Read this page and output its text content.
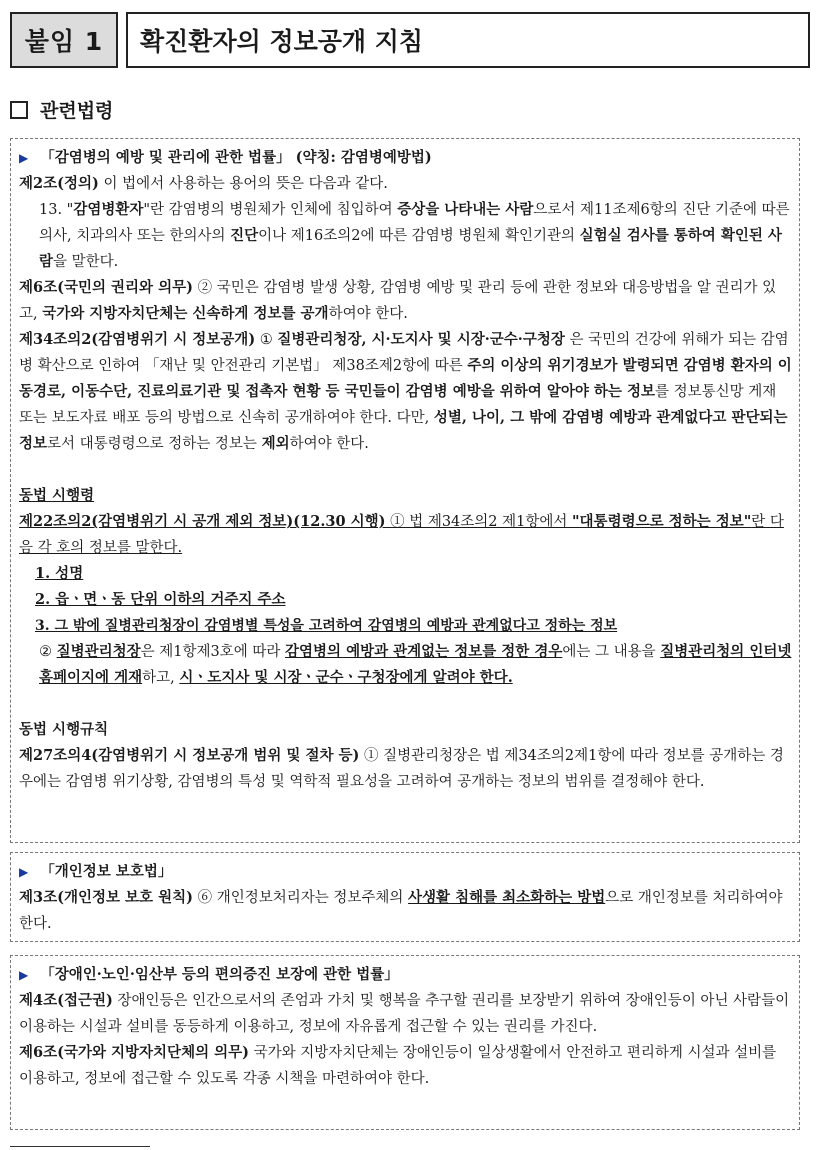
붙임 1	확진환자의 정보공개 지침
관련법령

▶ 「감염병의 예방 및 관리에 관한 법률」 (약칭: 감염병예방법)

제2조(정의) 이 법에서 사용하는 용어의 뜻은 다음과 같다.

13. "감염병환자"란 감염병의 병원체가 인체에 침입하여 증상을 나타내는 사람으로서 제11조제6항의 진단 기준에 따른 의사, 치과의사 또는 한의사의 진단이나 제16조의2에 따른 감염병 병원체 확인기관의 실험실 검사를 통하여 확인된 사람을 말한다.

제6조(국민의 권리와 의무) ② 국민은 감염병 발생 상황, 감염병 예방 및 관리 등에 관한 정보와 대응방법을 알 권리가 있고, 국가와 지방자치단체는 신속하게 정보를 공개하여야 한다.

제34조의2(감염병위기 시 정보공개) ① 질병관리청장, 시·도지사 및 시장·군수·구청장 은 국민의 건강에 위해가 되는 감염병 확산으로 인하여 「재난 및 안전관리 기본법」 제38조제2항에 따른 주의 이상의 위기경보가 발령되면 감염병 환자의 이동경로, 이동수단, 진료의료기관 및 접촉자 현황 등 국민들이 감염병 예방을 위하여 알아야 하는 정보를 정보통신망 게재 또는 보도자료 배포 등의 방법으로 신속히 공개하여야 한다. 다만, 성별, 나이, 그 밖에 감염병 예방과 관계없다고 판단되는 정보로서 대통령령으로 정하는 정보는 제외하여야 한다.

동법 시행령

제22조의2(감염병위기 시 공개 제외 정보)(12.30 시행) ① 법 제34조의2 제1항에서 "대통령령으로 정하는 정보"란 다음 각 호의 정보를 말한다.

1. 성명

2. 읍ㆍ면ㆍ동 단위 이하의 거주지 주소

3. 그 밖에 질병관리청장이 감염병별 특성을 고려하여 감염병의 예방과 관계없다고 정하는 정보

② 질병관리청장은 제1항제3호에 따라 감염병의 예방과 관계없는 정보를 정한 경우에는 그 내용을 질병관리청의 인터넷 홈페이지에 게재하고, 시ㆍ도지사 및 시장ㆍ군수ㆍ구청장에게 알려야 한다.

동법 시행규칙

제27조의4(감염병위기 시 정보공개 범위 및 절차 등) ① 질병관리청장은 법 제34조의2제1항에 따라 정보를 공개하는 경우에는 감염병 위기상황, 감염병의 특성 및 역학적 필요성을 고려하여 공개하는 정보의 범위를 결정해야 한다.

▶ 「개인정보 보호법」

제3조(개인정보 보호 원칙) ⑥ 개인정보처리자는 정보주체의 사생활 침해를 최소화하는 방법으로 개인정보를 처리하여야 한다.

▶ 「장애인·노인·임산부 등의 편의증진 보장에 관한 법률」

제4조(접근권) 장애인등은 인간으로서의 존엄과 가치 및 행복을 추구할 권리를 보장받기 위하여 장애인등이 아닌 사람들이 이용하는 시설과 설비를 동등하게 이용하고, 정보에 자유롭게 접근할 수 있는 권리를 가진다.

제6조(국가와 지방자치단체의 의무) 국가와 지방자치단체는 장애인등이 일상생활에서 안전하고 편리하게 시설과 설비를 이용하고, 정보에 접근할 수 있도록 각종 시책을 마련하여야 한다.
